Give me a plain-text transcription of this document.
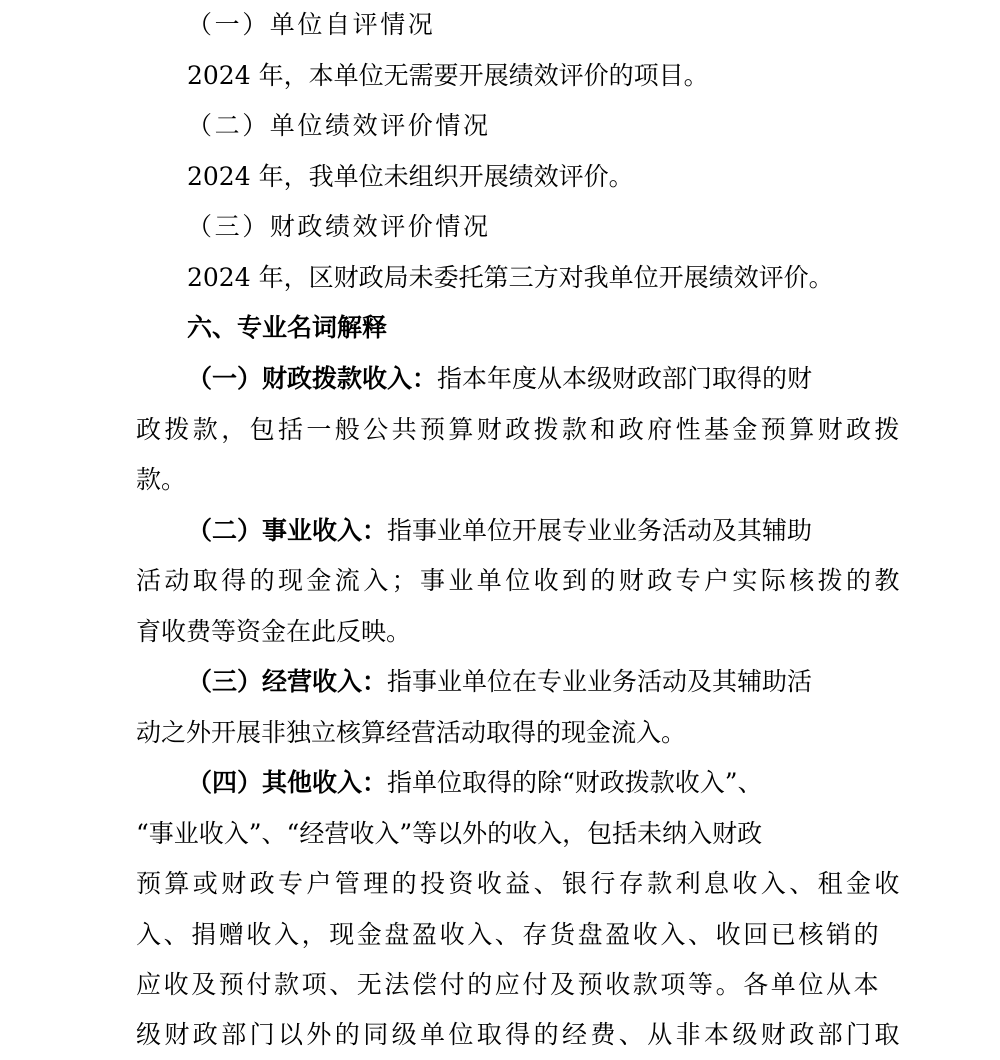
（一）单位自评情况
2024 年，本单位无需要开展绩效评价的项目。
（二）单位绩效评价情况
2024 年，我单位未组织开展绩效评价。
（三）财政绩效评价情况
2024 年，区财政局未委托第三方对我单位开展绩效评价。
六、专业名词解释
（一）财政拨款收入：指本年度从本级财政部门取得的财
政拨款，包括一般公共预算财政拨款和政府性基金预算财政拨
款。
（二）事业收入：指事业单位开展专业业务活动及其辅助
活动取得的现金流入；事业单位收到的财政专户实际核拨的教
育收费等资金在此反映。
（三）经营收入：指事业单位在专业业务活动及其辅助活
动之外开展非独立核算经营活动取得的现金流入。
（四）其他收入：指单位取得的除“财政拨款收入”、
“事业收入”、“经营收入”等以外的收入，包括未纳入财政
预算或财政专户管理的投资收益、银行存款利息收入、租金收
入、捐赠收入，现金盘盈收入、存货盘盈收入、收回已核销的
应收及预付款项、无法偿付的应付及预收款项等。各单位从本
级财政部门以外的同级单位取得的经费、从非本级财政部门取
